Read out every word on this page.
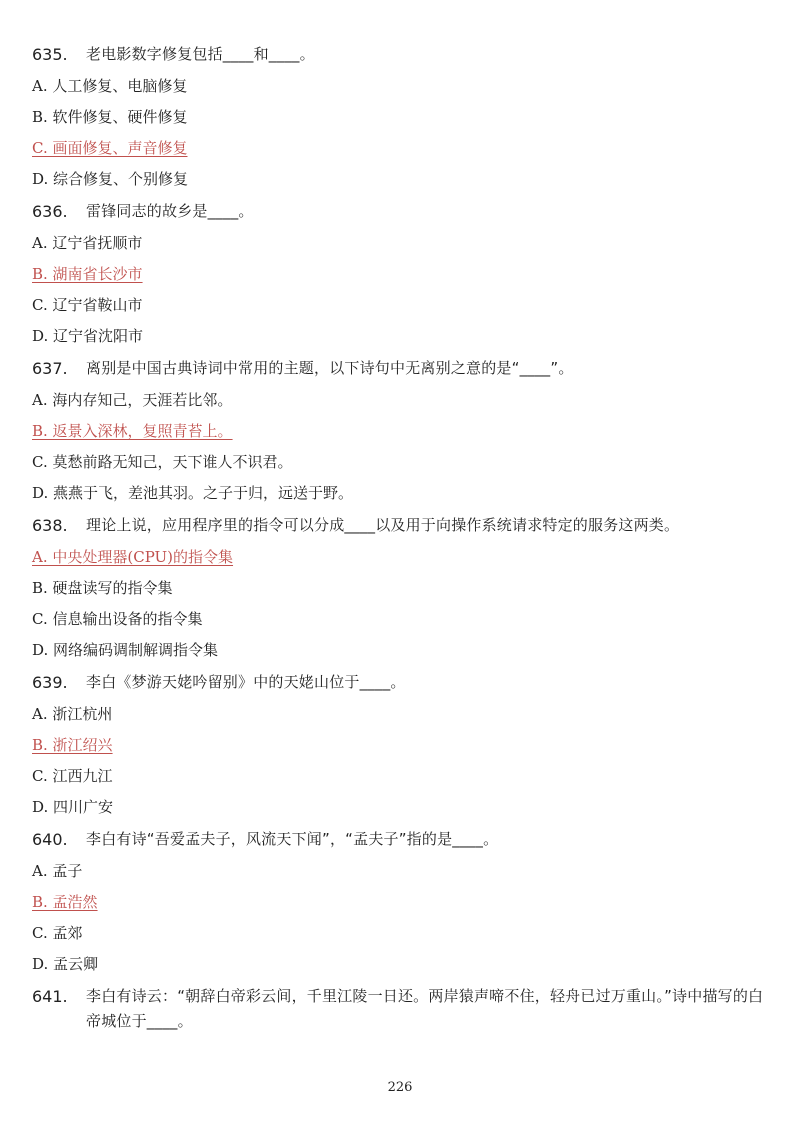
635.	老电影数字修复包括____和____。
A. 人工修复、电脑修复
B. 软件修复、硬件修复
C. 画面修复、声音修复
D. 综合修复、个别修复
636.	雷锋同志的故乡是____。
A. 辽宁省抚顺市
B. 湖南省长沙市
C. 辽宁省鞍山市
D. 辽宁省沈阳市
637.	离别是中国古典诗词中常用的主题，以下诗句中无离别之意的是“____”。
A. 海内存知己，天涯若比邻。
B. 返景入深林，复照青苔上。
C. 莫愁前路无知己，天下谁人不识君。
D. 燕燕于飞，差池其羽。之子于归，远送于野。
638.	理论上说，应用程序里的指令可以分成____以及用于向操作系统请求特定的服务这两类。
A. 中央处理器(CPU)的指令集
B. 硬盘读写的指令集
C. 信息输出设备的指令集
D. 网络编码调制解调指令集
639.	李白《梦游天姥吟留别》中的天姥山位于____。
A. 浙江杭州
B. 浙江绍兴
C. 江西九江
D. 四川广安
640.	李白有诗“吾爱孟夫子，风流天下闻”，“孟夫子”指的是____。
A. 孟子
B. 孟浩然
C. 孟郊
D. 孟云卿
641.	李白有诗云：“朝辞白帝彩云间，千里江陵一日还。两岸猿声啼不住，轻舟已过万重山。”诗中描写的白帝城位于____。
226
